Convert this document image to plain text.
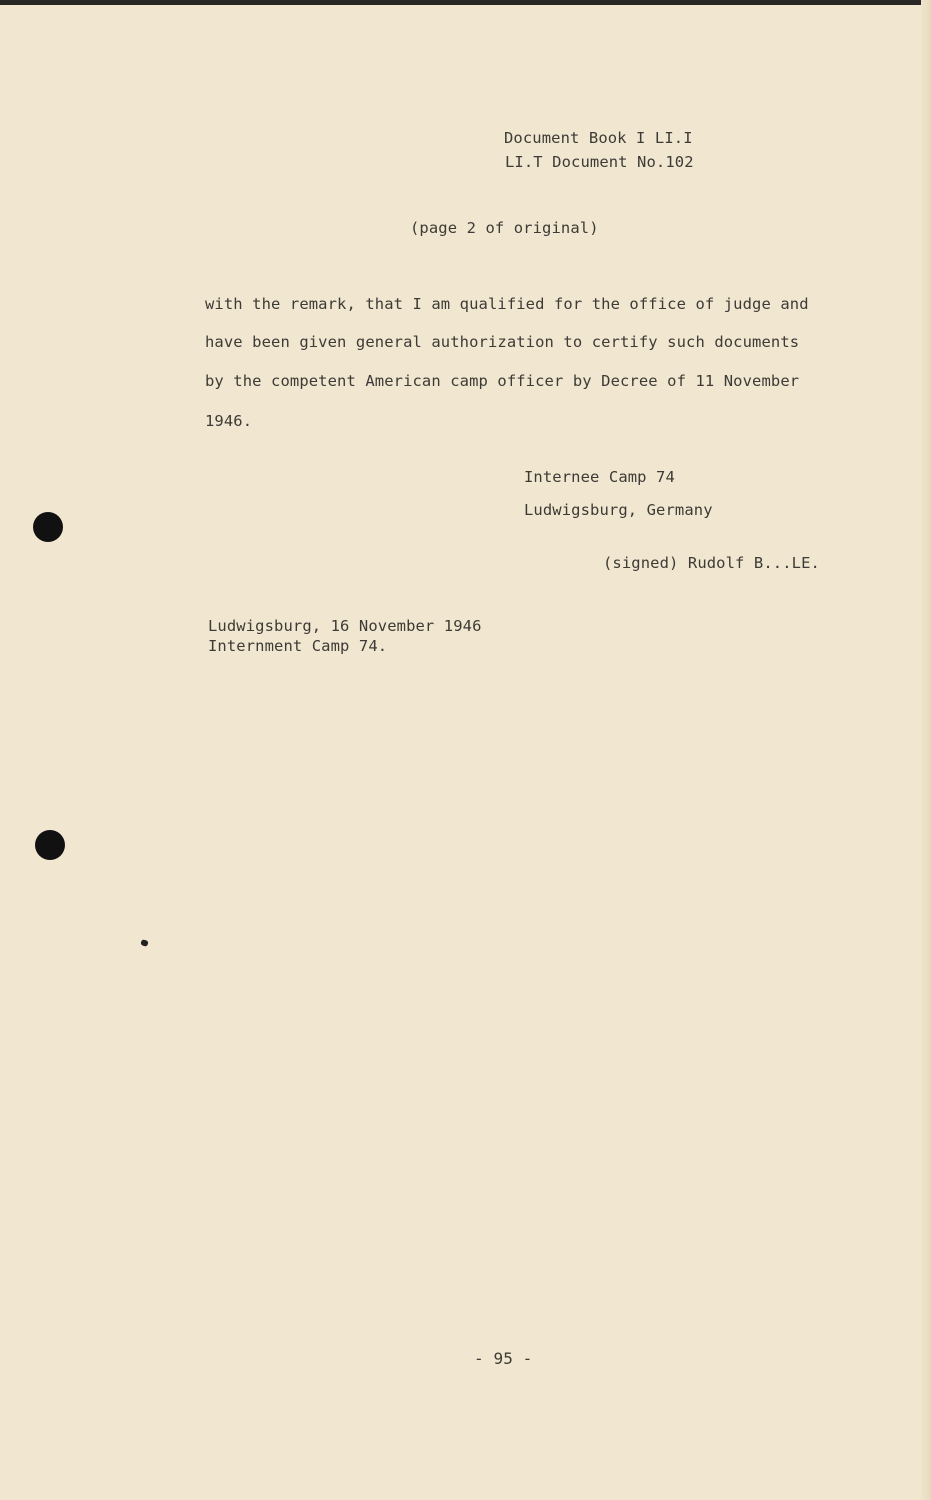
Document Book I LI.I
LI.T Document No.102
(page 2 of original)
with the remark, that I am qualified for the office of judge and
have been given general authorization to certify such documents
by the competent American camp officer by Decree of 11 November
1946.
Internee Camp 74
Ludwigsburg, Germany
(signed) Rudolf B...LE.
Ludwigsburg, 16 November 1946
Internment Camp 74.
- 95 -
